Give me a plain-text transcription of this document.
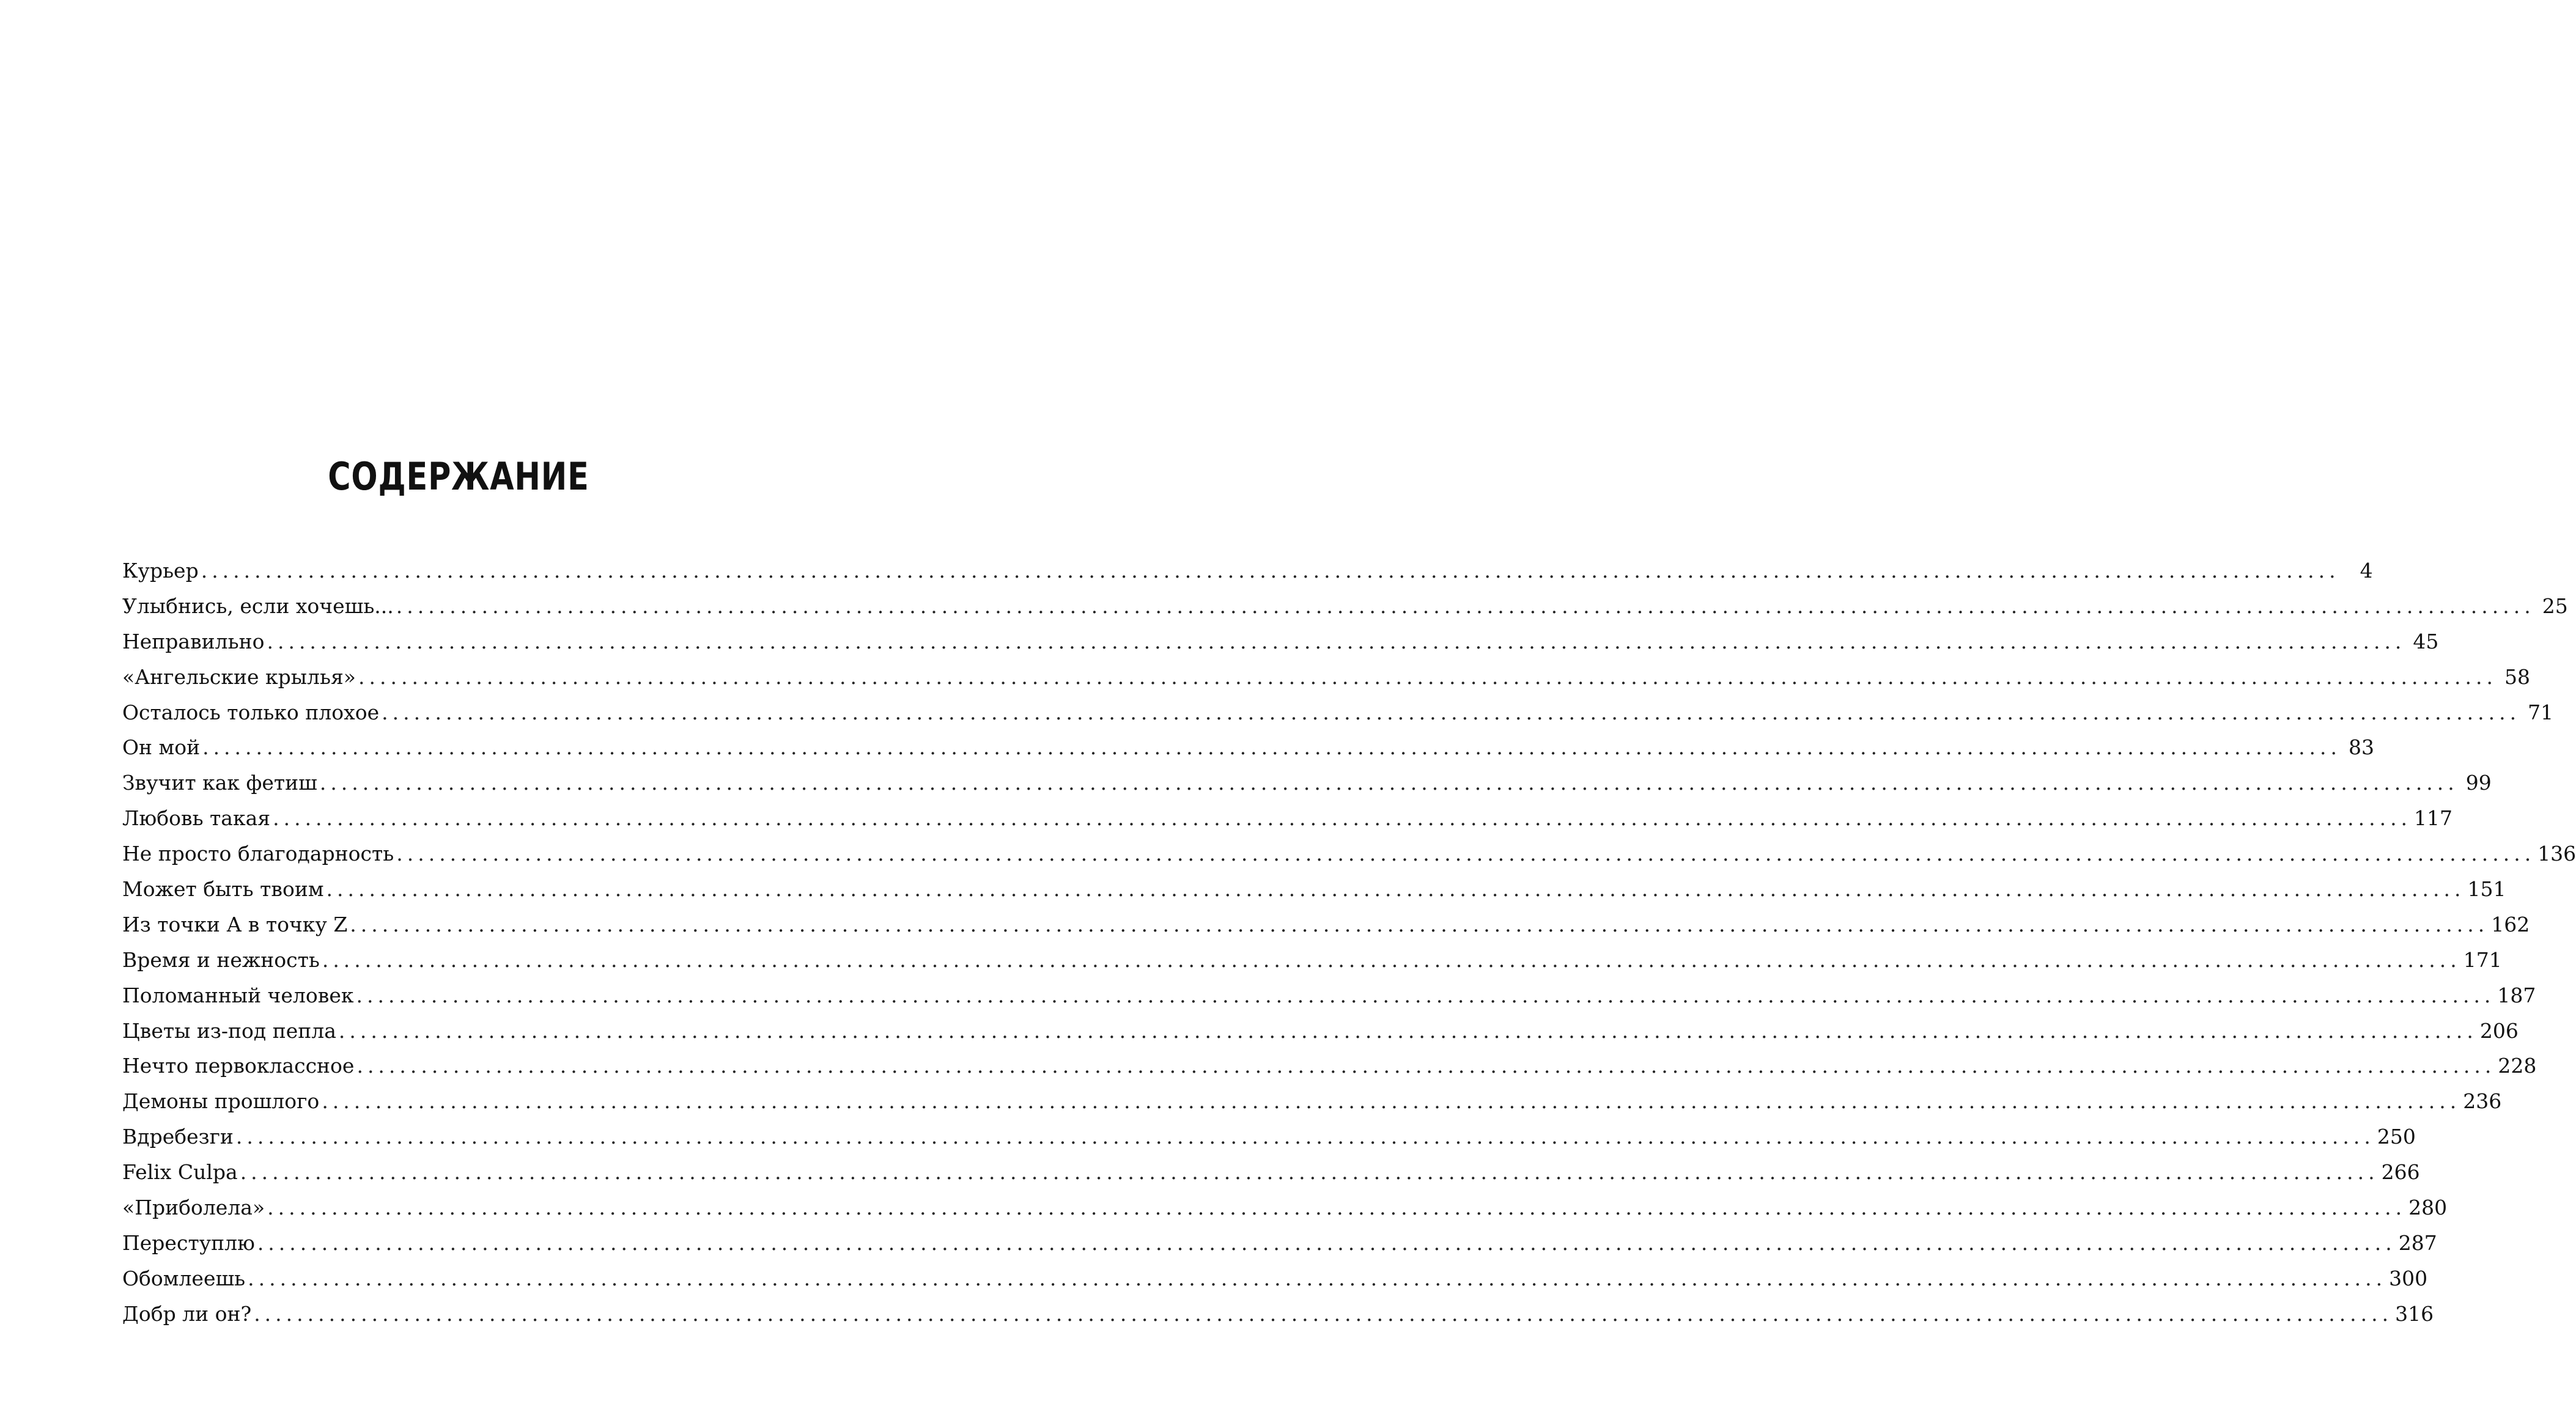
СОДЕРЖАНИЕ
Курьер ........................................................................................................................................................................................................	4
Улыбнись, если хочешь... ........................................................................................................................................................................................................ 25
Неправильно ........................................................................................................................................................................................................ 45
«Ангельские крылья» ........................................................................................................................................................................................................ 58
Осталось только плохое ........................................................................................................................................................................................................ 71
Он мой ........................................................................................................................................................................................................ 83
Звучит как фетиш ........................................................................................................................................................................................................ 99
Любовь такая ........................................................................................................................................................................................................ 117
Не просто благодарность ........................................................................................................................................................................................................ 136
Может быть твоим ........................................................................................................................................................................................................ 151
Из точки А в точку Z ........................................................................................................................................................................................................ 162
Время и нежность ........................................................................................................................................................................................................ 171
Поломанный человек ........................................................................................................................................................................................................ 187
Цветы из-под пепла ........................................................................................................................................................................................................ 206
Нечто первоклассное ........................................................................................................................................................................................................ 228
Демоны прошлого ........................................................................................................................................................................................................ 236
Вдребезги ........................................................................................................................................................................................................ 250
Felix Culpa ........................................................................................................................................................................................................ 266
«Приболела» ........................................................................................................................................................................................................ 280
Переступлю ........................................................................................................................................................................................................ 287
Обомлеешь ........................................................................................................................................................................................................ 300
Добр ли он? ........................................................................................................................................................................................................ 316
